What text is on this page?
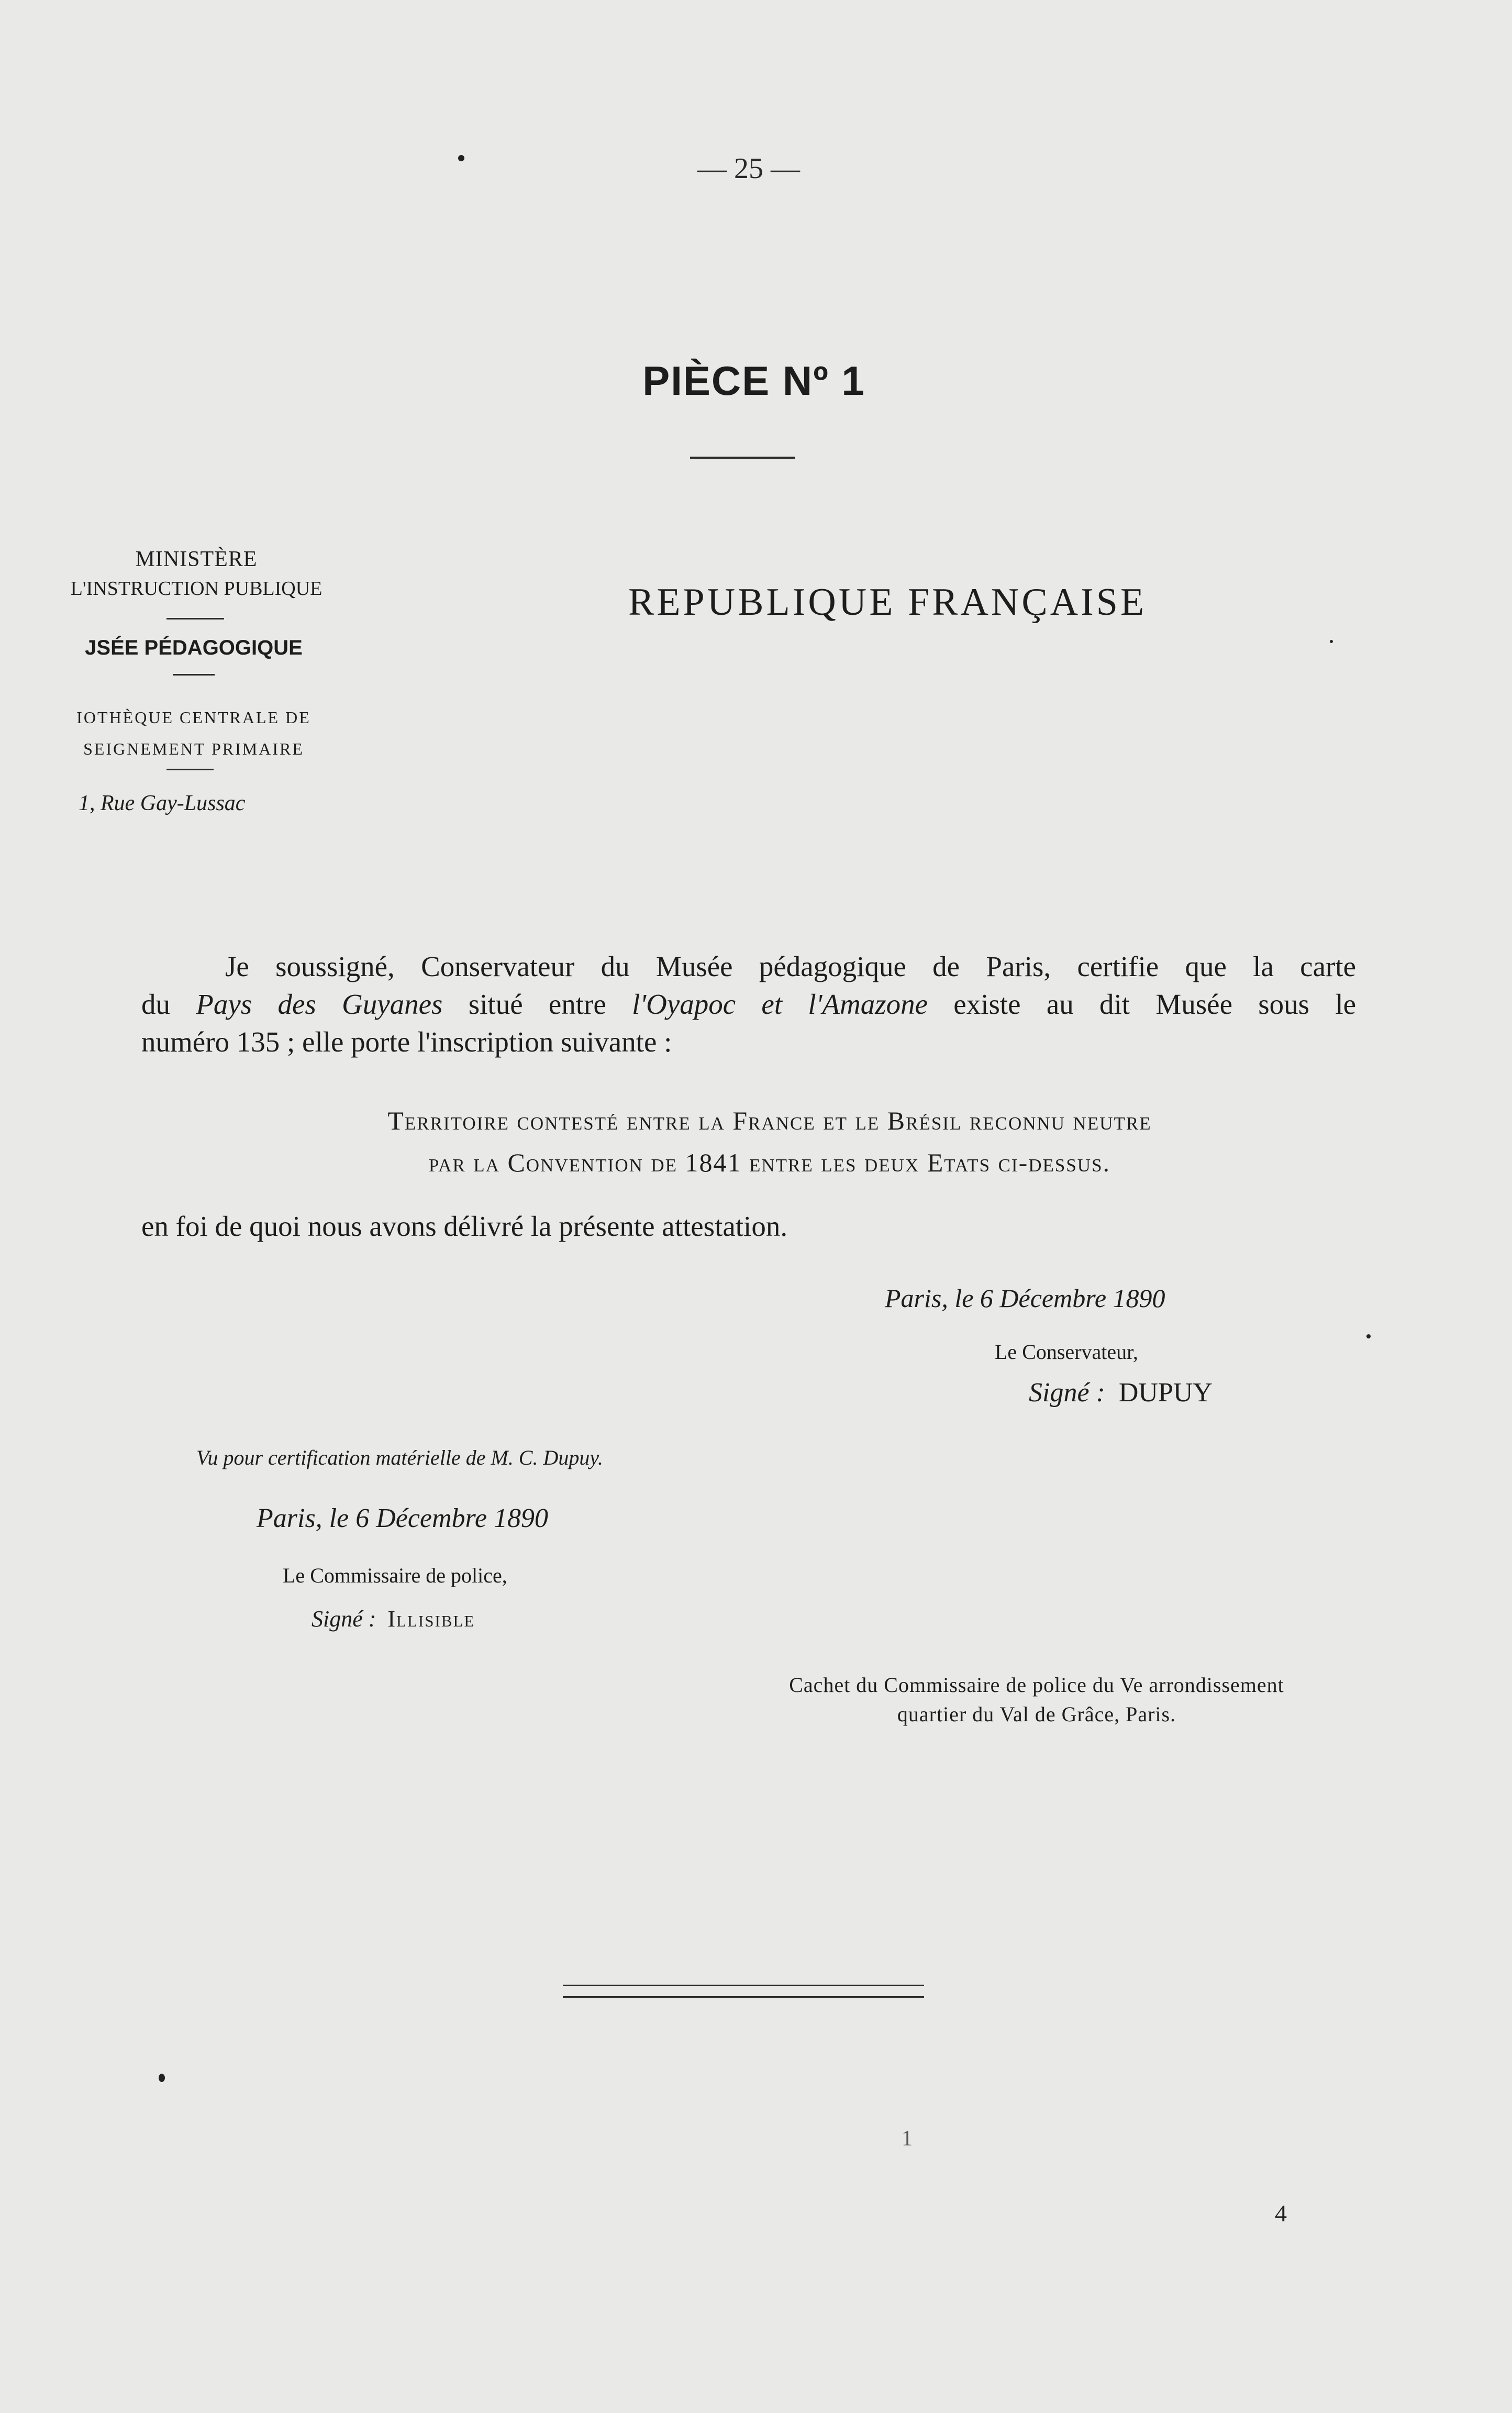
— 25 —
PIÈCE Nº 1
MINISTÈRE
L'INSTRUCTION PUBLIQUE
JSÉE PÉDAGOGIQUE
IOTHÈQUE CENTRALE DE
SEIGNEMENT PRIMAIRE
1, Rue Gay-Lussac
REPUBLIQUE FRANÇAISE
Je soussigné, Conservateur du Musée pédagogique de Paris, certifie que la carte
du Pays des Guyanes situé entre l'Oyapoc et l'Amazone existe au dit Musée sous le
numéro 135 ; elle porte l'inscription suivante :
Territoire contesté entre la France et le Brésil reconnu neutre
par la Convention de 1841 entre les deux Etats ci-dessus.
en foi de quoi nous avons délivré la présente attestation.
Paris, le 6 Décembre 1890
Le Conservateur,
Signé : DUPUY
Vu pour certification matérielle de M. C. Dupuy.
Paris, le 6 Décembre 1890
Le Commissaire de police,
Signé : Illisible
Cachet du Commissaire de police du Ve arrondissement
quartier du Val de Grâce, Paris.
1
4
